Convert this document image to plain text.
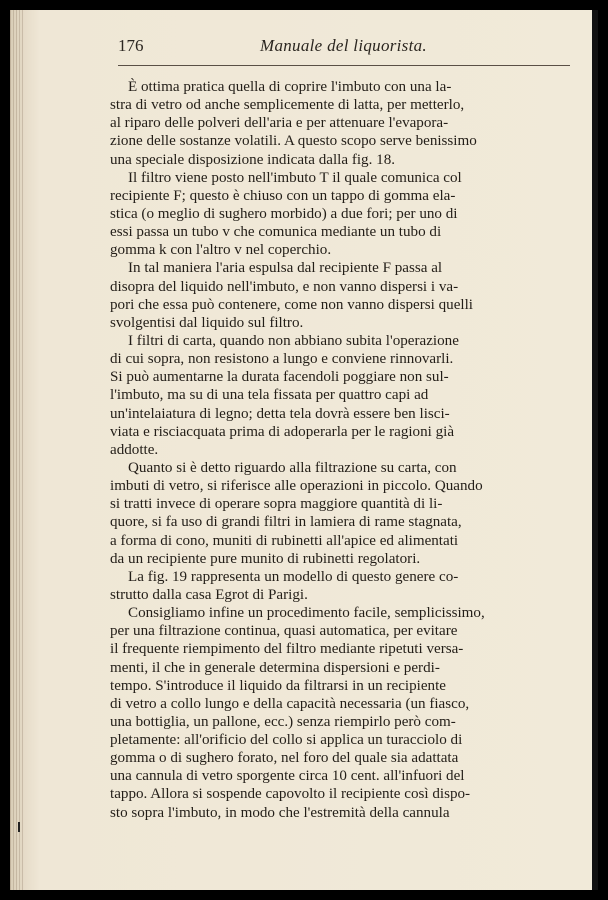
176	Manuale del liquorista.
È ottima pratica quella di coprire l'imbuto con una la-
stra di vetro od anche semplicemente di latta, per metterlo,
al riparo delle polveri dell'aria e per attenuare l'evapora-
zione delle sostanze volatili. A questo scopo serve benissimo
una speciale disposizione indicata dalla fig. 18.
Il filtro viene posto nell'imbuto T il quale comunica col
recipiente F; questo è chiuso con un tappo di gomma ela-
stica (o meglio di sughero morbido) a due fori; per uno di
essi passa un tubo v che comunica mediante un tubo di
gomma k con l'altro v nel coperchio.
In tal maniera l'aria espulsa dal recipiente F passa al
disopra del liquido nell'imbuto, e non vanno dispersi i va-
pori che essa può contenere, come non vanno dispersi quelli
svolgentisi dal liquido sul filtro.
I filtri di carta, quando non abbiano subita l'operazione
di cui sopra, non resistono a lungo e conviene rinnovarli.
Si può aumentarne la durata facendoli poggiare non sul-
l'imbuto, ma su di una tela fissata per quattro capi ad
un'intelaiatura di legno; detta tela dovrà essere ben lisci-
viata e risciacquata prima di adoperarla per le ragioni già
addotte.
Quanto si è detto riguardo alla filtrazione su carta, con
imbuti di vetro, si riferisce alle operazioni in piccolo. Quando
si tratti invece di operare sopra maggiore quantità di li-
quore, si fa uso di grandi filtri in lamiera di rame stagnata,
a forma di cono, muniti di rubinetti all'apice ed alimentati
da un recipiente pure munito di rubinetti regolatori.
La fig. 19 rappresenta un modello di questo genere co-
strutto dalla casa Egrot di Parigi.
Consigliamo infine un procedimento facile, semplicissimo,
per una filtrazione continua, quasi automatica, per evitare
il frequente riempimento del filtro mediante ripetuti versa-
menti, il che in generale determina dispersioni e perdi-
tempo. S'introduce il liquido da filtrarsi in un recipiente
di vetro a collo lungo e della capacità necessaria (un fiasco,
una bottiglia, un pallone, ecc.) senza riempirlo però com-
pletamente: all'orificio del collo si applica un turacciolo di
gomma o di sughero forato, nel foro del quale sia adattata
una cannula di vetro sporgente circa 10 cent. all'infuori del
tappo. Allora si sospende capovolto il recipiente così dispo-
sto sopra l'imbuto, in modo che l'estremità della cannula
